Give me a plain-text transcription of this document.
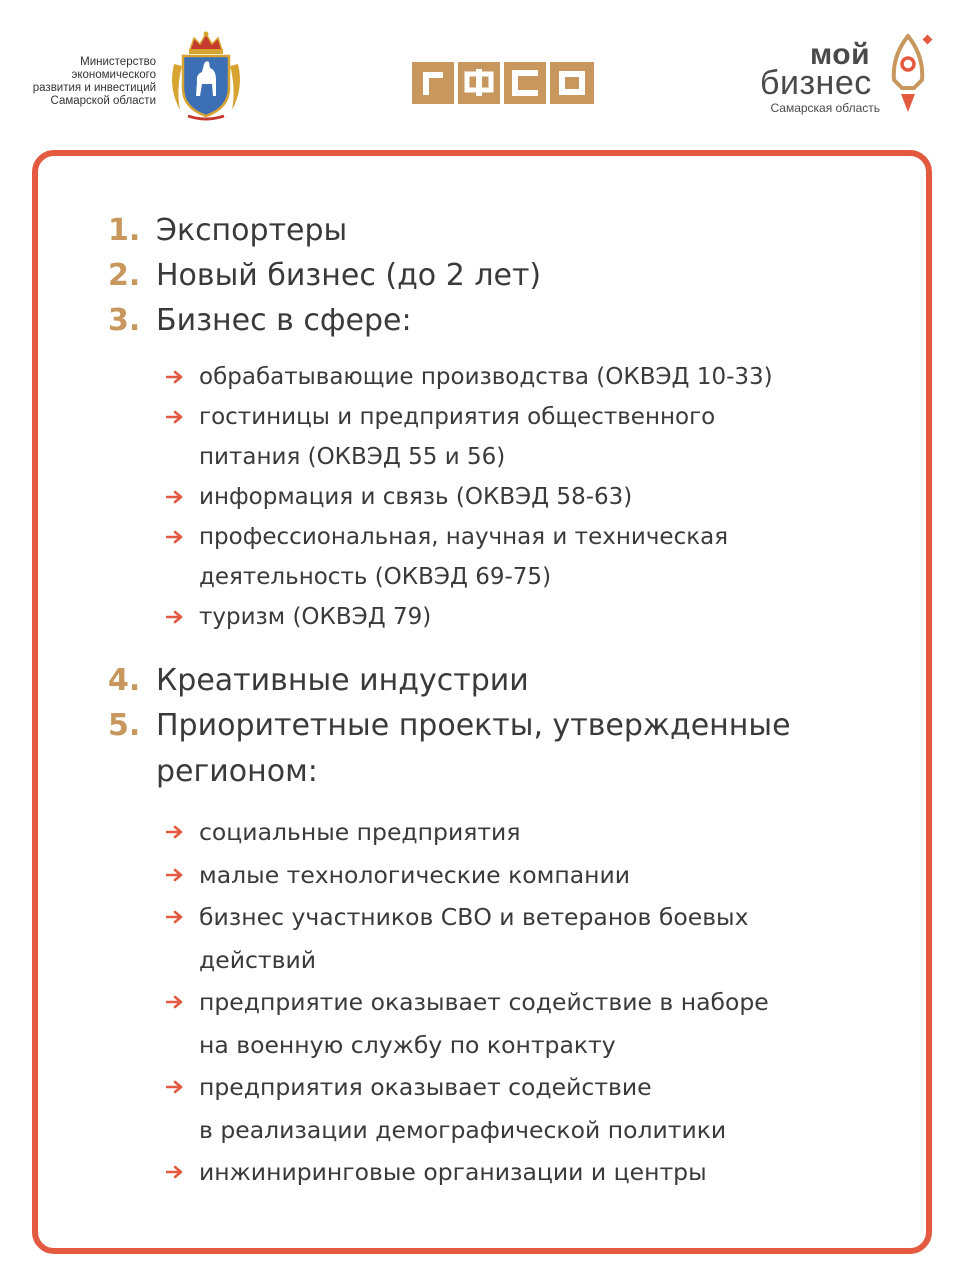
Министерство
экономического
развития и инвестиций
Самарской области
мой
бизнес
Самарская область
1. Экспортеры
2. Новый бизнес (до 2 лет)
3. Бизнес в сфере:
обрабатывающие производства (ОКВЭД 10-33)
гостиницы и предприятия общественного
питания (ОКВЭД 55 и 56)
информация и связь (ОКВЭД 58-63)
профессиональная, научная и техническая
деятельность (ОКВЭД 69-75)
туризм (ОКВЭД 79)
4. Креативные индустрии
5. Приоритетные проекты, утвержденные
регионом:
социальные предприятия
малые технологические компании
бизнес участников СВО и ветеранов боевых
действий
предприятие оказывает содействие в наборе
на военную службу по контракту
предприятия оказывает содействие
в реализации демографической политики
инжиниринговые организации и центры
